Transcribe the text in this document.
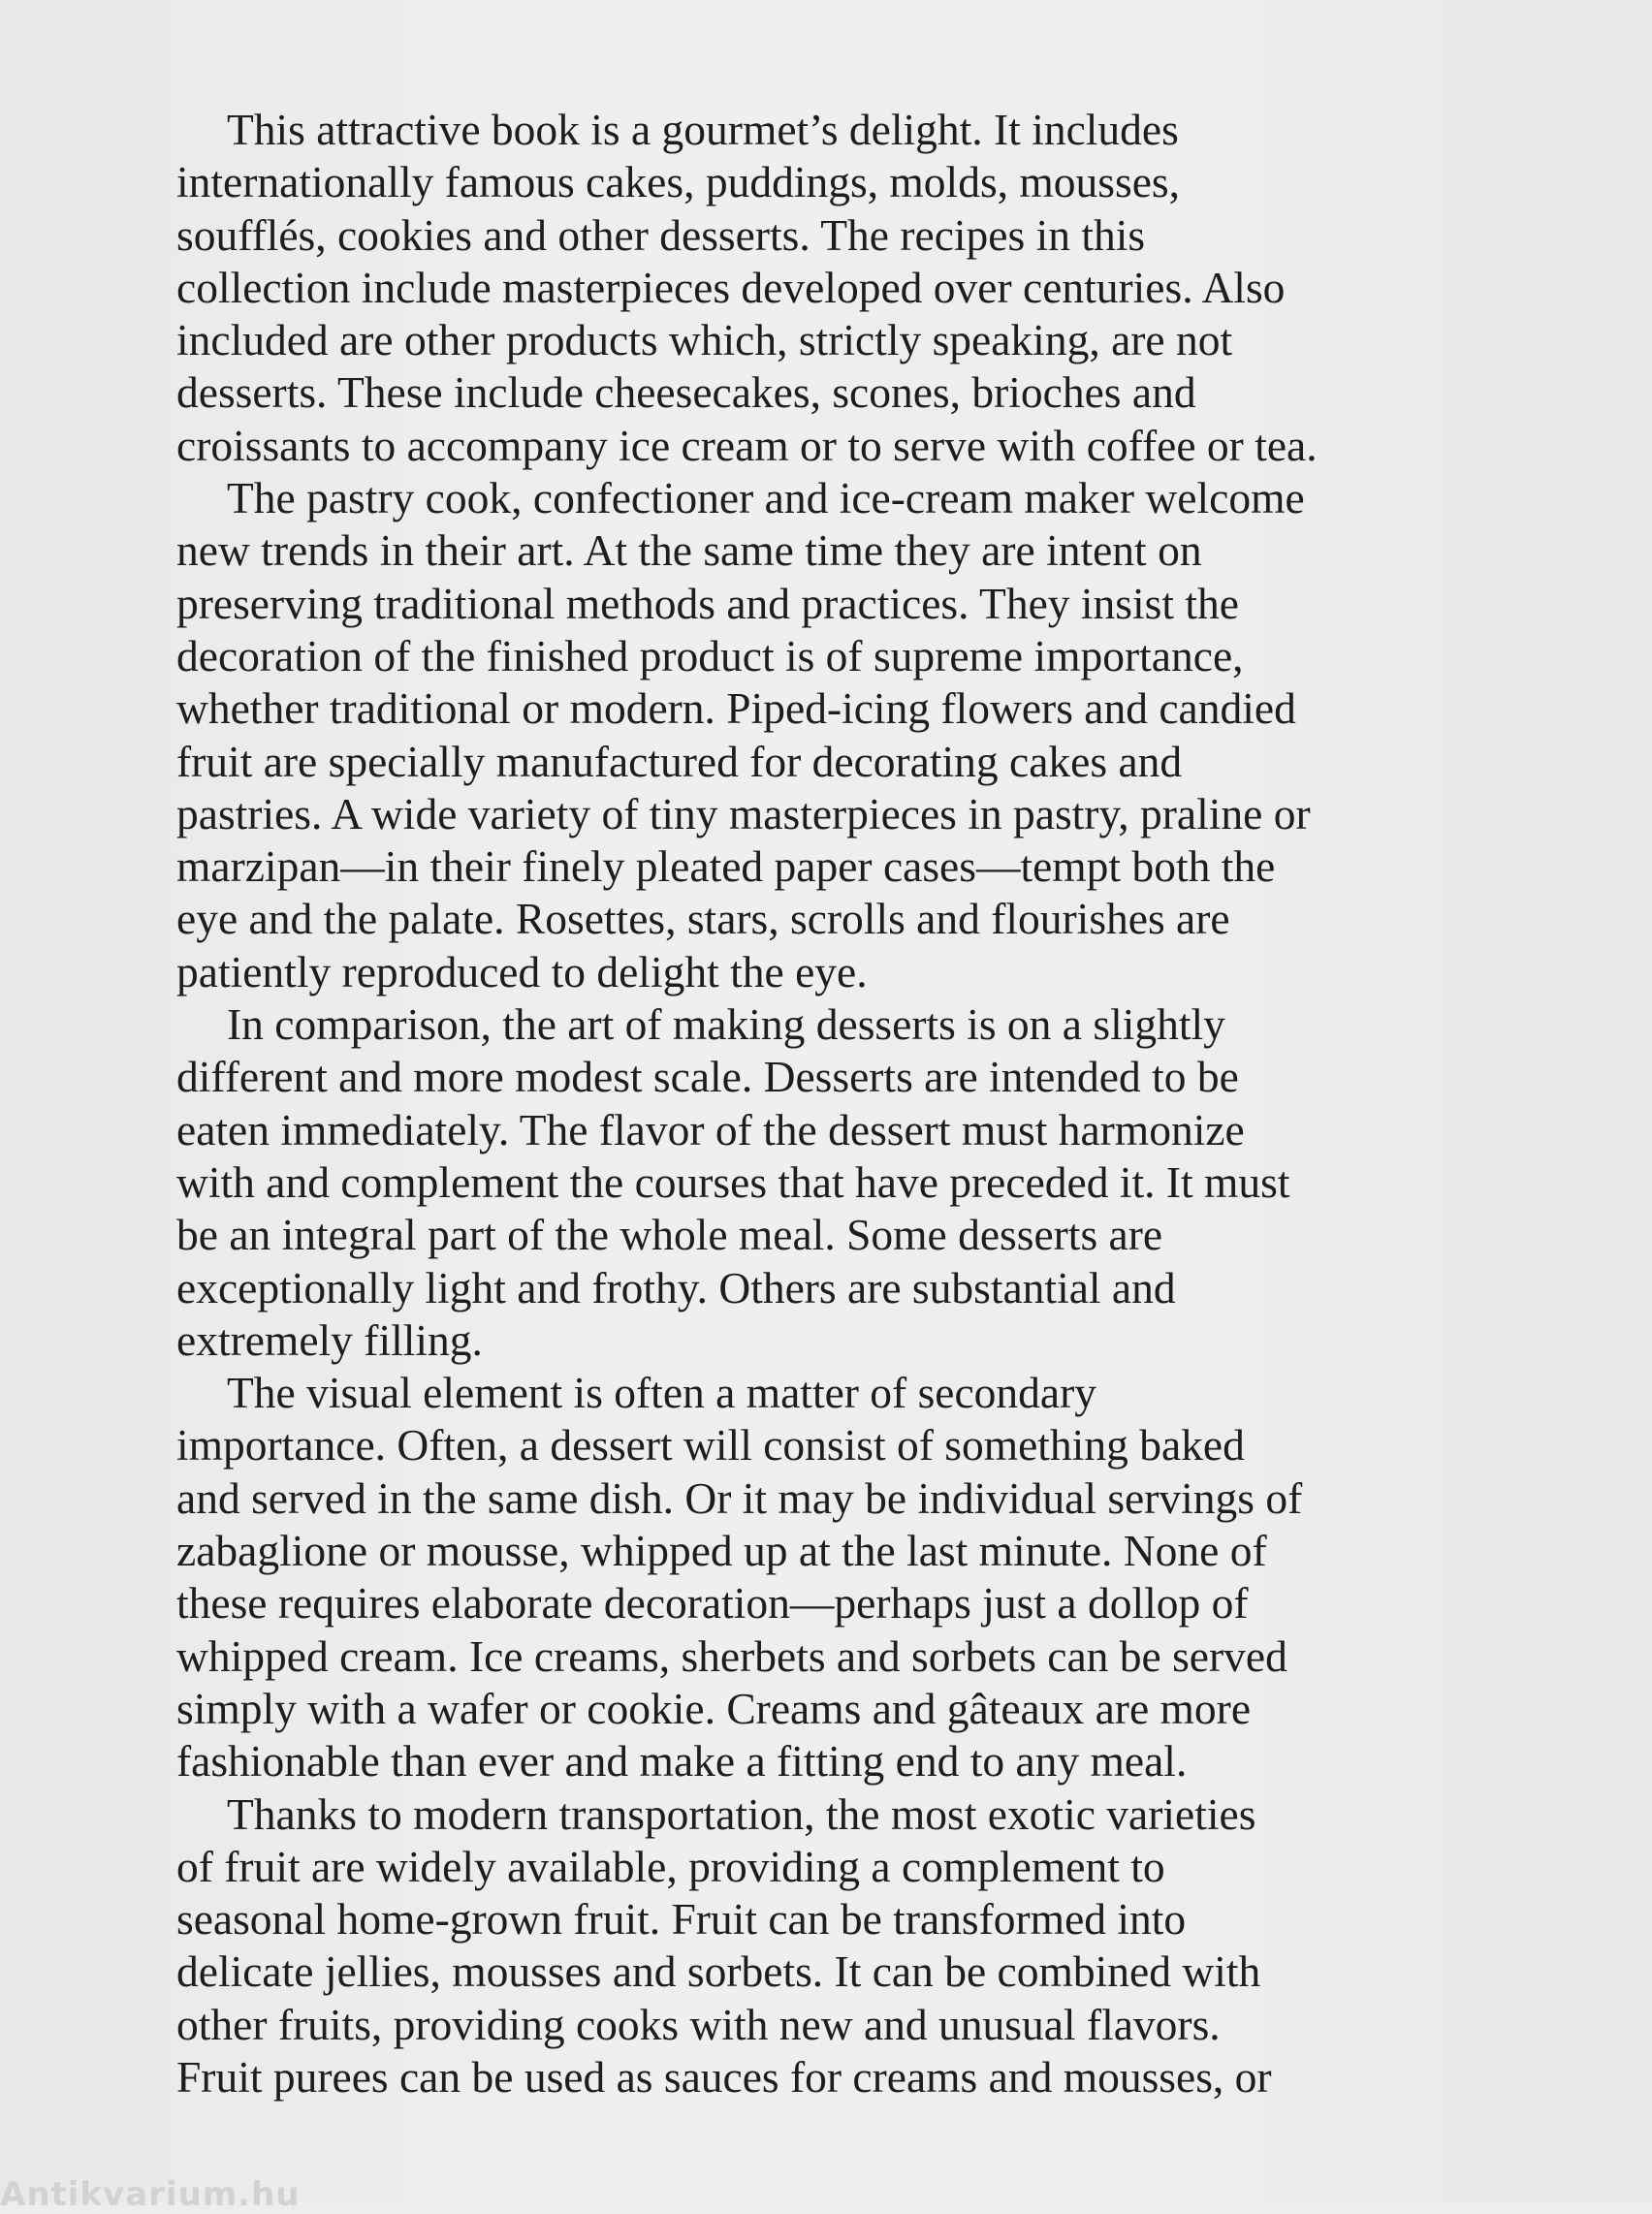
This attractive book is a gourmet’s delight. It includes
internationally famous cakes, puddings, molds, mousses,
soufflés, cookies and other desserts. The recipes in this
collection include masterpieces developed over centuries. Also
included are other products which, strictly speaking, are not
desserts. These include cheesecakes, scones, brioches and
croissants to accompany ice cream or to serve with coffee or tea.
The pastry cook, confectioner and ice-cream maker welcome
new trends in their art. At the same time they are intent on
preserving traditional methods and practices. They insist the
decoration of the finished product is of supreme importance,
whether traditional or modern. Piped-icing flowers and candied
fruit are specially manufactured for decorating cakes and
pastries. A wide variety of tiny masterpieces in pastry, praline or
marzipan—in their finely pleated paper cases—tempt both the
eye and the palate. Rosettes, stars, scrolls and flourishes are
patiently reproduced to delight the eye.
In comparison, the art of making desserts is on a slightly
different and more modest scale. Desserts are intended to be
eaten immediately. The flavor of the dessert must harmonize
with and complement the courses that have preceded it. It must
be an integral part of the whole meal. Some desserts are
exceptionally light and frothy. Others are substantial and
extremely filling.
The visual element is often a matter of secondary
importance. Often, a dessert will consist of something baked
and served in the same dish. Or it may be individual servings of
zabaglione or mousse, whipped up at the last minute. None of
these requires elaborate decoration—perhaps just a dollop of
whipped cream. Ice creams, sherbets and sorbets can be served
simply with a wafer or cookie. Creams and gâteaux are more
fashionable than ever and make a fitting end to any meal.
Thanks to modern transportation, the most exotic varieties
of fruit are widely available, providing a complement to
seasonal home-grown fruit. Fruit can be transformed into
delicate jellies, mousses and sorbets. It can be combined with
other fruits, providing cooks with new and unusual flavors.
Fruit purees can be used as sauces for creams and mousses, or
Antikvarium.hu
